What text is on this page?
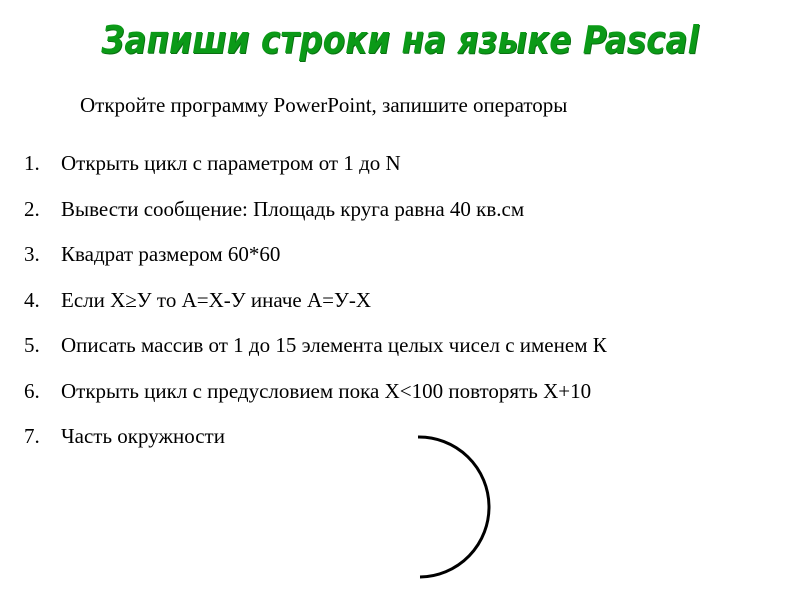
Запиши строки на языке Pascal
Откройте программу PowerPoint, запишите операторы
1. Открыть цикл с параметром от 1 до N
2. Вывести сообщение: Площадь круга равна 40 кв.см
3. Квадрат размером 60*60
4. Если X≥У то А=Х-У иначе А=У-Х
5. Описать массив от 1 до 15 элемента целых чисел с именем К
6. Открыть цикл с предусловием пока Х<100 повторять Х+10
7. Часть окружности
